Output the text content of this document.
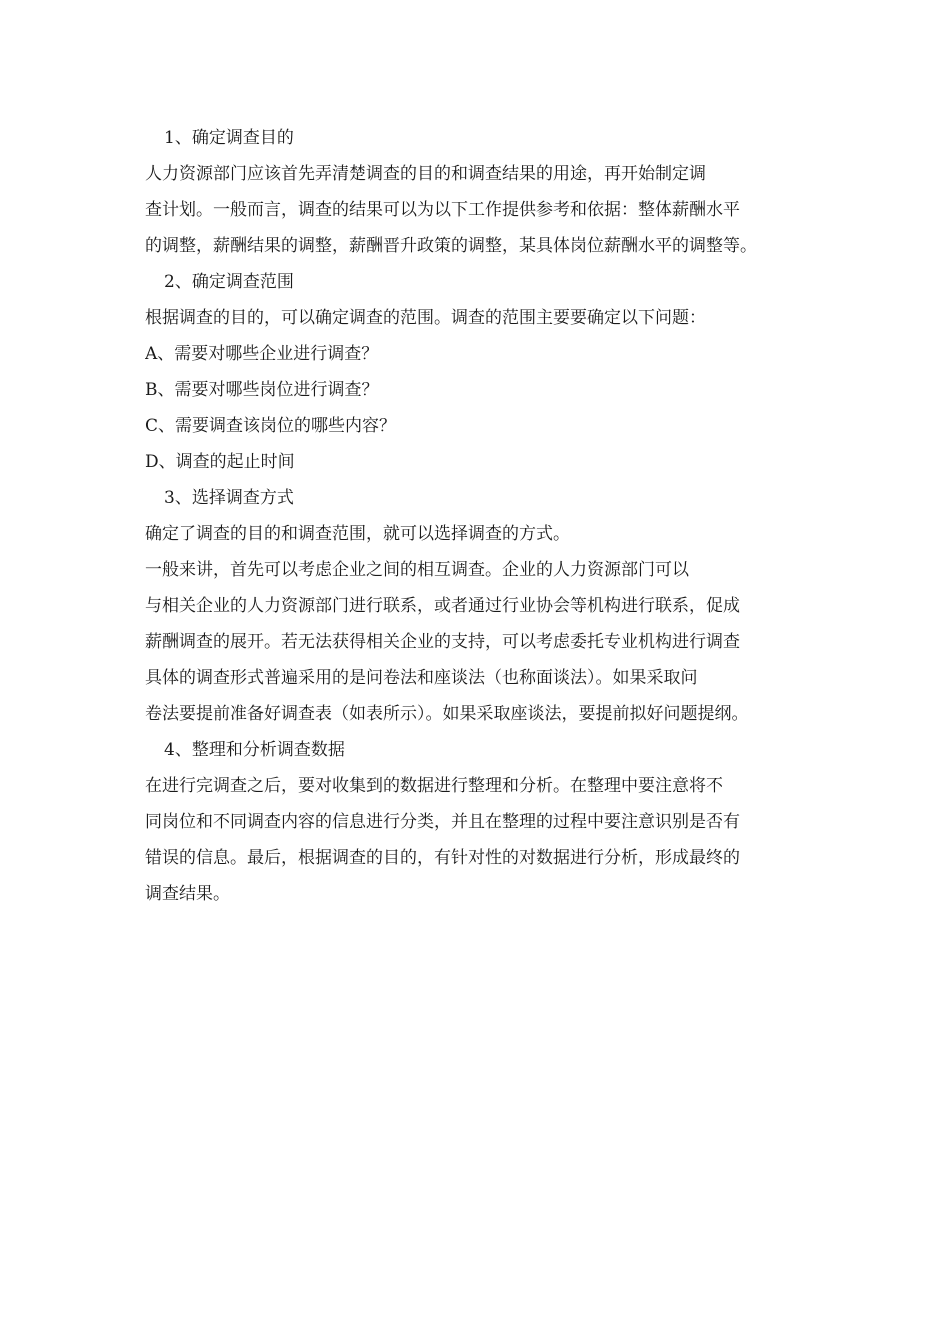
1、确定调查目的
人力资源部门应该首先弄清楚调查的目的和调查结果的用途，再开始制定调
查计划。一般而言，调查的结果可以为以下工作提供参考和依据：整体薪酬水平
的调整，薪酬结果的调整，薪酬晋升政策的调整，某具体岗位薪酬水平的调整等。
2、确定调查范围
根据调查的目的，可以确定调查的范围。调查的范围主要要确定以下问题：
A、需要对哪些企业进行调查？
B、需要对哪些岗位进行调查？
C、需要调查该岗位的哪些内容？
D、调查的起止时间
3、选择调查方式
确定了调查的目的和调查范围，就可以选择调查的方式。
一般来讲，首先可以考虑企业之间的相互调查。企业的人力资源部门可以
与相关企业的人力资源部门进行联系，或者通过行业协会等机构进行联系，促成
薪酬调查的展开。若无法获得相关企业的支持，可以考虑委托专业机构进行调查
具体的调查形式普遍采用的是问卷法和座谈法（也称面谈法）。如果采取问
卷法要提前准备好调查表（如表所示）。如果采取座谈法，要提前拟好问题提纲。
4、整理和分析调查数据
在进行完调查之后，要对收集到的数据进行整理和分析。在整理中要注意将不
同岗位和不同调查内容的信息进行分类，并且在整理的过程中要注意识别是否有
错误的信息。最后，根据调查的目的，有针对性的对数据进行分析，形成最终的
调查结果。
